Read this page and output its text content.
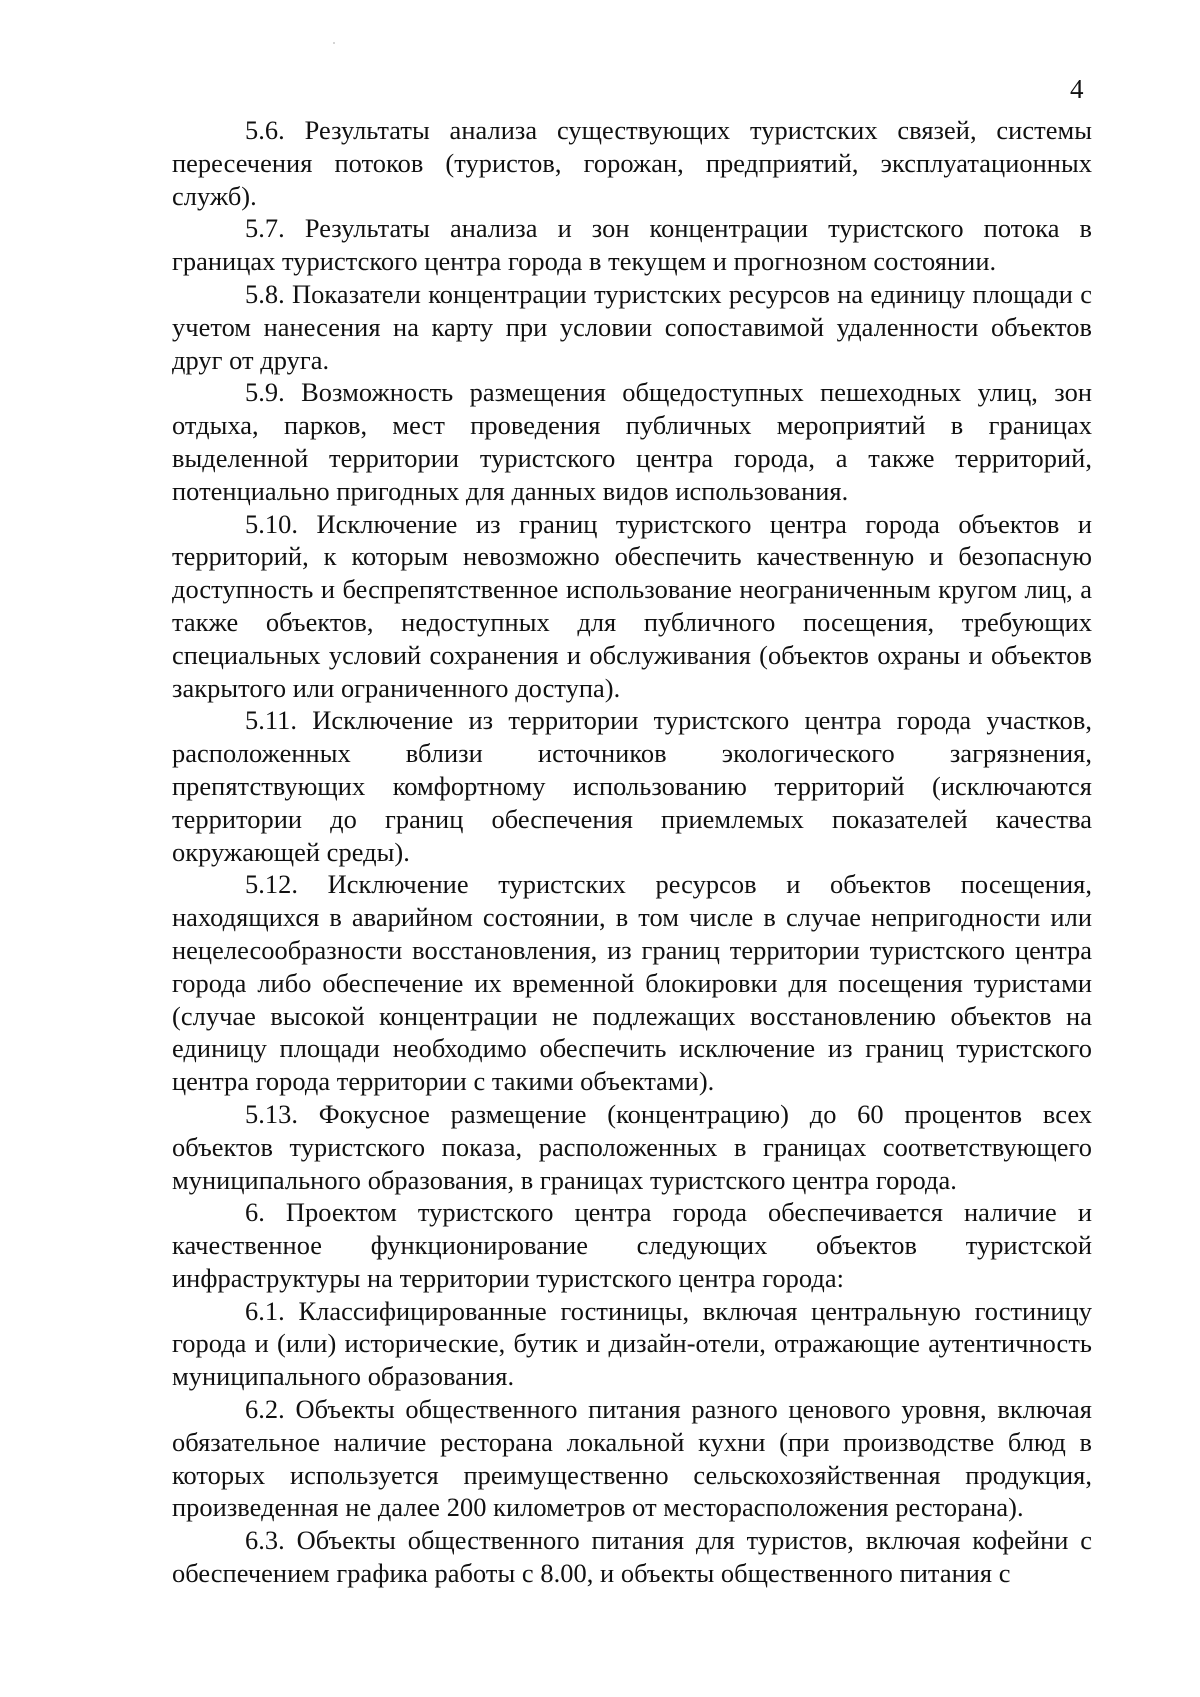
4

5.6. Результаты анализа существующих туристских связей, системы пересечения потоков (туристов, горожан, предприятий, эксплуатационных служб).

5.7. Результаты анализа и зон концентрации туристского потока в границах туристского центра города в текущем и прогнозном состоянии.

5.8. Показатели концентрации туристских ресурсов на единицу площади с учетом нанесения на карту при условии сопоставимой удаленности объектов друг от друга.

5.9. Возможность размещения общедоступных пешеходных улиц, зон отдыха, парков, мест проведения публичных мероприятий в границах выделенной территории туристского центра города, а также территорий, потенциально пригодных для данных видов использования.

5.10. Исключение из границ туристского центра города объектов и территорий, к которым невозможно обеспечить качественную и безопасную доступность и беспрепятственное использование неограниченным кругом лиц, а также объектов, недоступных для публичного посещения, требующих специальных условий сохранения и обслуживания (объектов охраны и объектов закрытого или ограниченного доступа).

5.11. Исключение из территории туристского центра города участков, расположенных вблизи источников экологического загрязнения, препятствующих комфортному использованию территорий (исключаются территории до границ обеспечения приемлемых показателей качества окружающей среды).

5.12. Исключение туристских ресурсов и объектов посещения, находящихся в аварийном состоянии, в том числе в случае непригодности или нецелесообразности восстановления, из границ территории туристского центра города либо обеспечение их временной блокировки для посещения туристами (случае высокой концентрации не подлежащих восстановлению объектов на единицу площади необходимо обеспечить исключение из границ туристского центра города территории с такими объектами).

5.13. Фокусное размещение (концентрацию) до 60 процентов всех объектов туристского показа, расположенных в границах соответствующего муниципального образования, в границах туристского центра города.

6. Проектом туристского центра города обеспечивается наличие и качественное функционирование следующих объектов туристской инфраструктуры на территории туристского центра города:

6.1. Классифицированные гостиницы, включая центральную гостиницу города и (или) исторические, бутик и дизайн-отели, отражающие аутентичность муниципального образования.

6.2. Объекты общественного питания разного ценового уровня, включая обязательное наличие ресторана локальной кухни (при производстве блюд в которых используется преимущественно сельскохозяйственная продукция, произведенная не далее 200 километров от месторасположения ресторана).

6.3. Объекты общественного питания для туристов, включая кофейни с обеспечением графика работы с 8.00, и объекты общественного питания с
